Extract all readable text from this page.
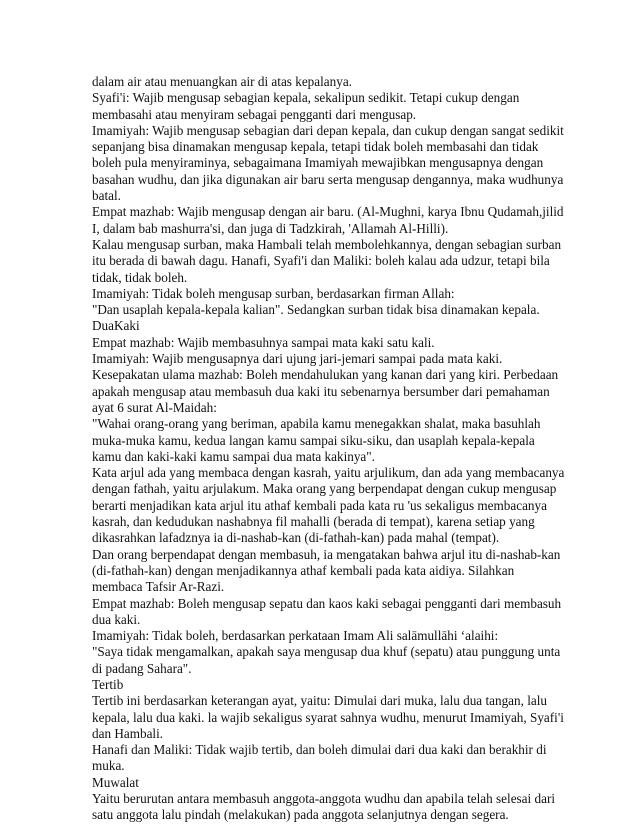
dalam air atau menuangkan air di atas kepalanya.
Syafi'i: Wajib mengusap sebagian kepala, sekalipun sedikit. Tetapi cukup dengan
membasahi atau menyiram sebagai pengganti dari mengusap.
Imamiyah: Wajib mengusap sebagian dari depan kepala, dan cukup dengan sangat sedikit
sepanjang bisa dinamakan mengusap kepala, tetapi tidak boleh membasahi dan tidak
boleh pula menyiraminya, sebagaimana Imamiyah mewajibkan mengusapnya dengan
basahan wudhu, dan jika digunakan air baru serta mengusap dengannya, maka wudhunya
batal.
Empat mazhab: Wajib mengusap dengan air baru. (Al-Mughni, karya Ibnu Qudamah,jilid
I, dalam bab mashurra'si, dan juga di Tadzkirah, 'Allamah Al-Hilli).
Kalau mengusap surban, maka Hambali telah membolehkannya, dengan sebagian surban
itu berada di bawah dagu. Hanafi, Syafi'i dan Maliki: boleh kalau ada udzur, tetapi bila
tidak, tidak boleh.
Imamiyah: Tidak boleh mengusap surban, berdasarkan firman Allah:
"Dan usaplah kepala-kepala kalian". Sedangkan surban tidak bisa dinamakan kepala.
DuaKaki
Empat mazhab: Wajib membasuhnya sampai mata kaki satu kali.
Imamiyah: Wajib mengusapnya dari ujung jari-jemari sampai pada mata kaki.
Kesepakatan ulama mazhab: Boleh mendahulukan yang kanan dari yang kiri. Perbedaan
apakah mengusap atau membasuh dua kaki itu sebenarnya bersumber dari pemahaman
ayat 6 surat Al-Maidah:
"Wahai orang-orang yang beriman, apabila kamu menegakkan shalat, maka basuhlah
muka-muka kamu, kedua langan kamu sampai siku-siku, dan usaplah kepala-kepala
kamu dan kaki-kaki kamu sampai dua mata kakinya".
Kata arjul ada yang membaca dengan kasrah, yaitu arjulikum, dan ada yang membacanya
dengan fathah, yaitu arjulakum. Maka orang yang berpendapat dengan cukup mengusap
berarti menjadikan kata arjul itu athaf kembali pada kata ru 'us sekaligus membacanya
kasrah, dan kedudukan nashabnya fil mahalli (berada di tempat), karena setiap yang
dikasrahkan lafadznya ia di-nashab-kan (di-fathah-kan) pada mahal (tempat).
Dan orang berpendapat dengan membasuh, ia mengatakan bahwa arjul itu di-nashab-kan
(di-fathah-kan) dengan menjadikannya athaf kembali pada kata aidiya. Silahkan
membaca Tafsir Ar-Razi.
Empat mazhab: Boleh mengusap sepatu dan kaos kaki sebagai pengganti dari membasuh
dua kaki.
Imamiyah: Tidak boleh, berdasarkan perkataan Imam Ali salāmullāhi ‘alaihi:
"Saya tidak mengamalkan, apakah saya mengusap dua khuf (sepatu) atau punggung unta
di padang Sahara".
Tertib
Tertib ini berdasarkan keterangan ayat, yaitu: Dimulai dari muka, lalu dua tangan, lalu
kepala, lalu dua kaki. la wajib sekaligus syarat sahnya wudhu, menurut Imamiyah, Syafi'i
dan Hambali.
Hanafi dan Maliki: Tidak wajib tertib, dan boleh dimulai dari dua kaki dan berakhir di
muka.
Muwalat
Yaitu berurutan antara membasuh anggota-anggota wudhu dan apabila telah selesai dari
satu anggota lalu pindah (melakukan) pada anggota selanjutnya dengan segera.
